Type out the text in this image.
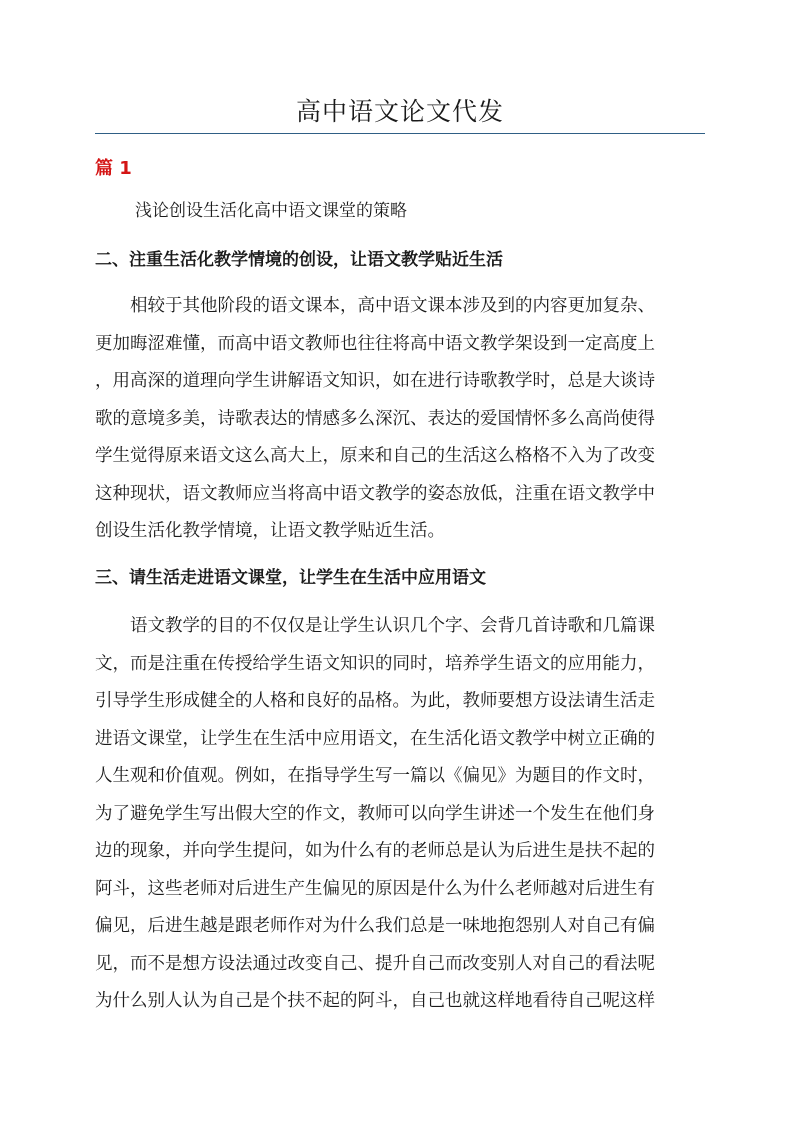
高中语文论文代发
篇 1
浅论创设生活化高中语文课堂的策略
二、注重生活化教学情境的创设，让语文教学贴近生活

　　相较于其他阶段的语文课本，高中语文课本涉及到的内容更加复杂、
更加晦涩难懂，而高中语文教师也往往将高中语文教学架设到一定高度上
，用高深的道理向学生讲解语文知识，如在进行诗歌教学时，总是大谈诗
歌的意境多美，诗歌表达的情感多么深沉、表达的爱国情怀多么高尚使得
学生觉得原来语文这么高大上，原来和自己的生活这么格格不入为了改变
这种现状，语文教师应当将高中语文教学的姿态放低，注重在语文教学中
创设生活化教学情境，让语文教学贴近生活。

三、请生活走进语文课堂，让学生在生活中应用语文

　　语文教学的目的不仅仅是让学生认识几个字、会背几首诗歌和几篇课
文，而是注重在传授给学生语文知识的同时，培养学生语文的应用能力，
引导学生形成健全的人格和良好的品格。为此，教师要想方设法请生活走
进语文课堂，让学生在生活中应用语文，在生活化语文教学中树立正确的
人生观和价值观。例如，在指导学生写一篇以《偏见》为题目的作文时，
为了避免学生写出假大空的作文，教师可以向学生讲述一个发生在他们身
边的现象，并向学生提问，如为什么有的老师总是认为后进生是扶不起的
阿斗，这些老师对后进生产生偏见的原因是什么为什么老师越对后进生有
偏见，后进生越是跟老师作对为什么我们总是一味地抱怨别人对自己有偏
见，而不是想方设法通过改变自己、提升自己而改变别人对自己的看法呢
为什么别人认为自己是个扶不起的阿斗，自己也就这样地看待自己呢这样
